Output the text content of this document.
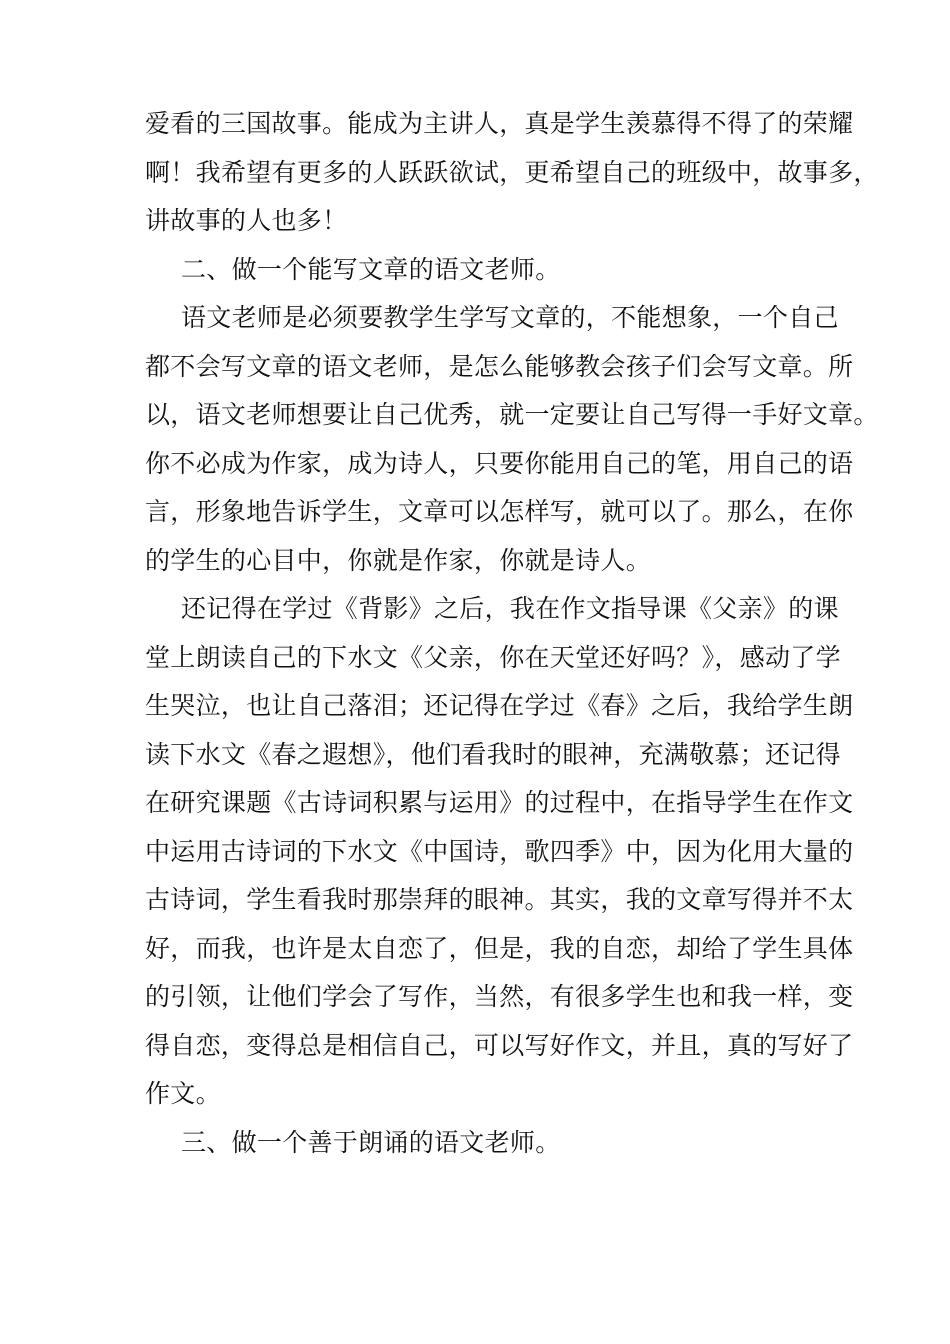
爱看的三国故事。能成为主讲人，真是学生羡慕得不得了的荣耀
啊！我希望有更多的人跃跃欲试，更希望自己的班级中，故事多，
讲故事的人也多！
二、做一个能写文章的语文老师。
语文老师是必须要教学生学写文章的，不能想象，一个自己
都不会写文章的语文老师，是怎么能够教会孩子们会写文章。所
以，语文老师想要让自己优秀，就一定要让自己写得一手好文章。
你不必成为作家，成为诗人，只要你能用自己的笔，用自己的语
言，形象地告诉学生，文章可以怎样写，就可以了。那么，在你
的学生的心目中，你就是作家，你就是诗人。
还记得在学过《背影》之后，我在作文指导课《父亲》的课
堂上朗读自己的下水文《父亲，你在天堂还好吗？》，感动了学
生哭泣，也让自己落泪；还记得在学过《春》之后，我给学生朗
读下水文《春之遐想》，他们看我时的眼神，充满敬慕；还记得
在研究课题《古诗词积累与运用》的过程中，在指导学生在作文
中运用古诗词的下水文《中国诗，歌四季》中，因为化用大量的
古诗词，学生看我时那崇拜的眼神。其实，我的文章写得并不太
好，而我，也许是太自恋了，但是，我的自恋，却给了学生具体
的引领，让他们学会了写作，当然，有很多学生也和我一样，变
得自恋，变得总是相信自己，可以写好作文，并且，真的写好了
作文。
三、做一个善于朗诵的语文老师。
